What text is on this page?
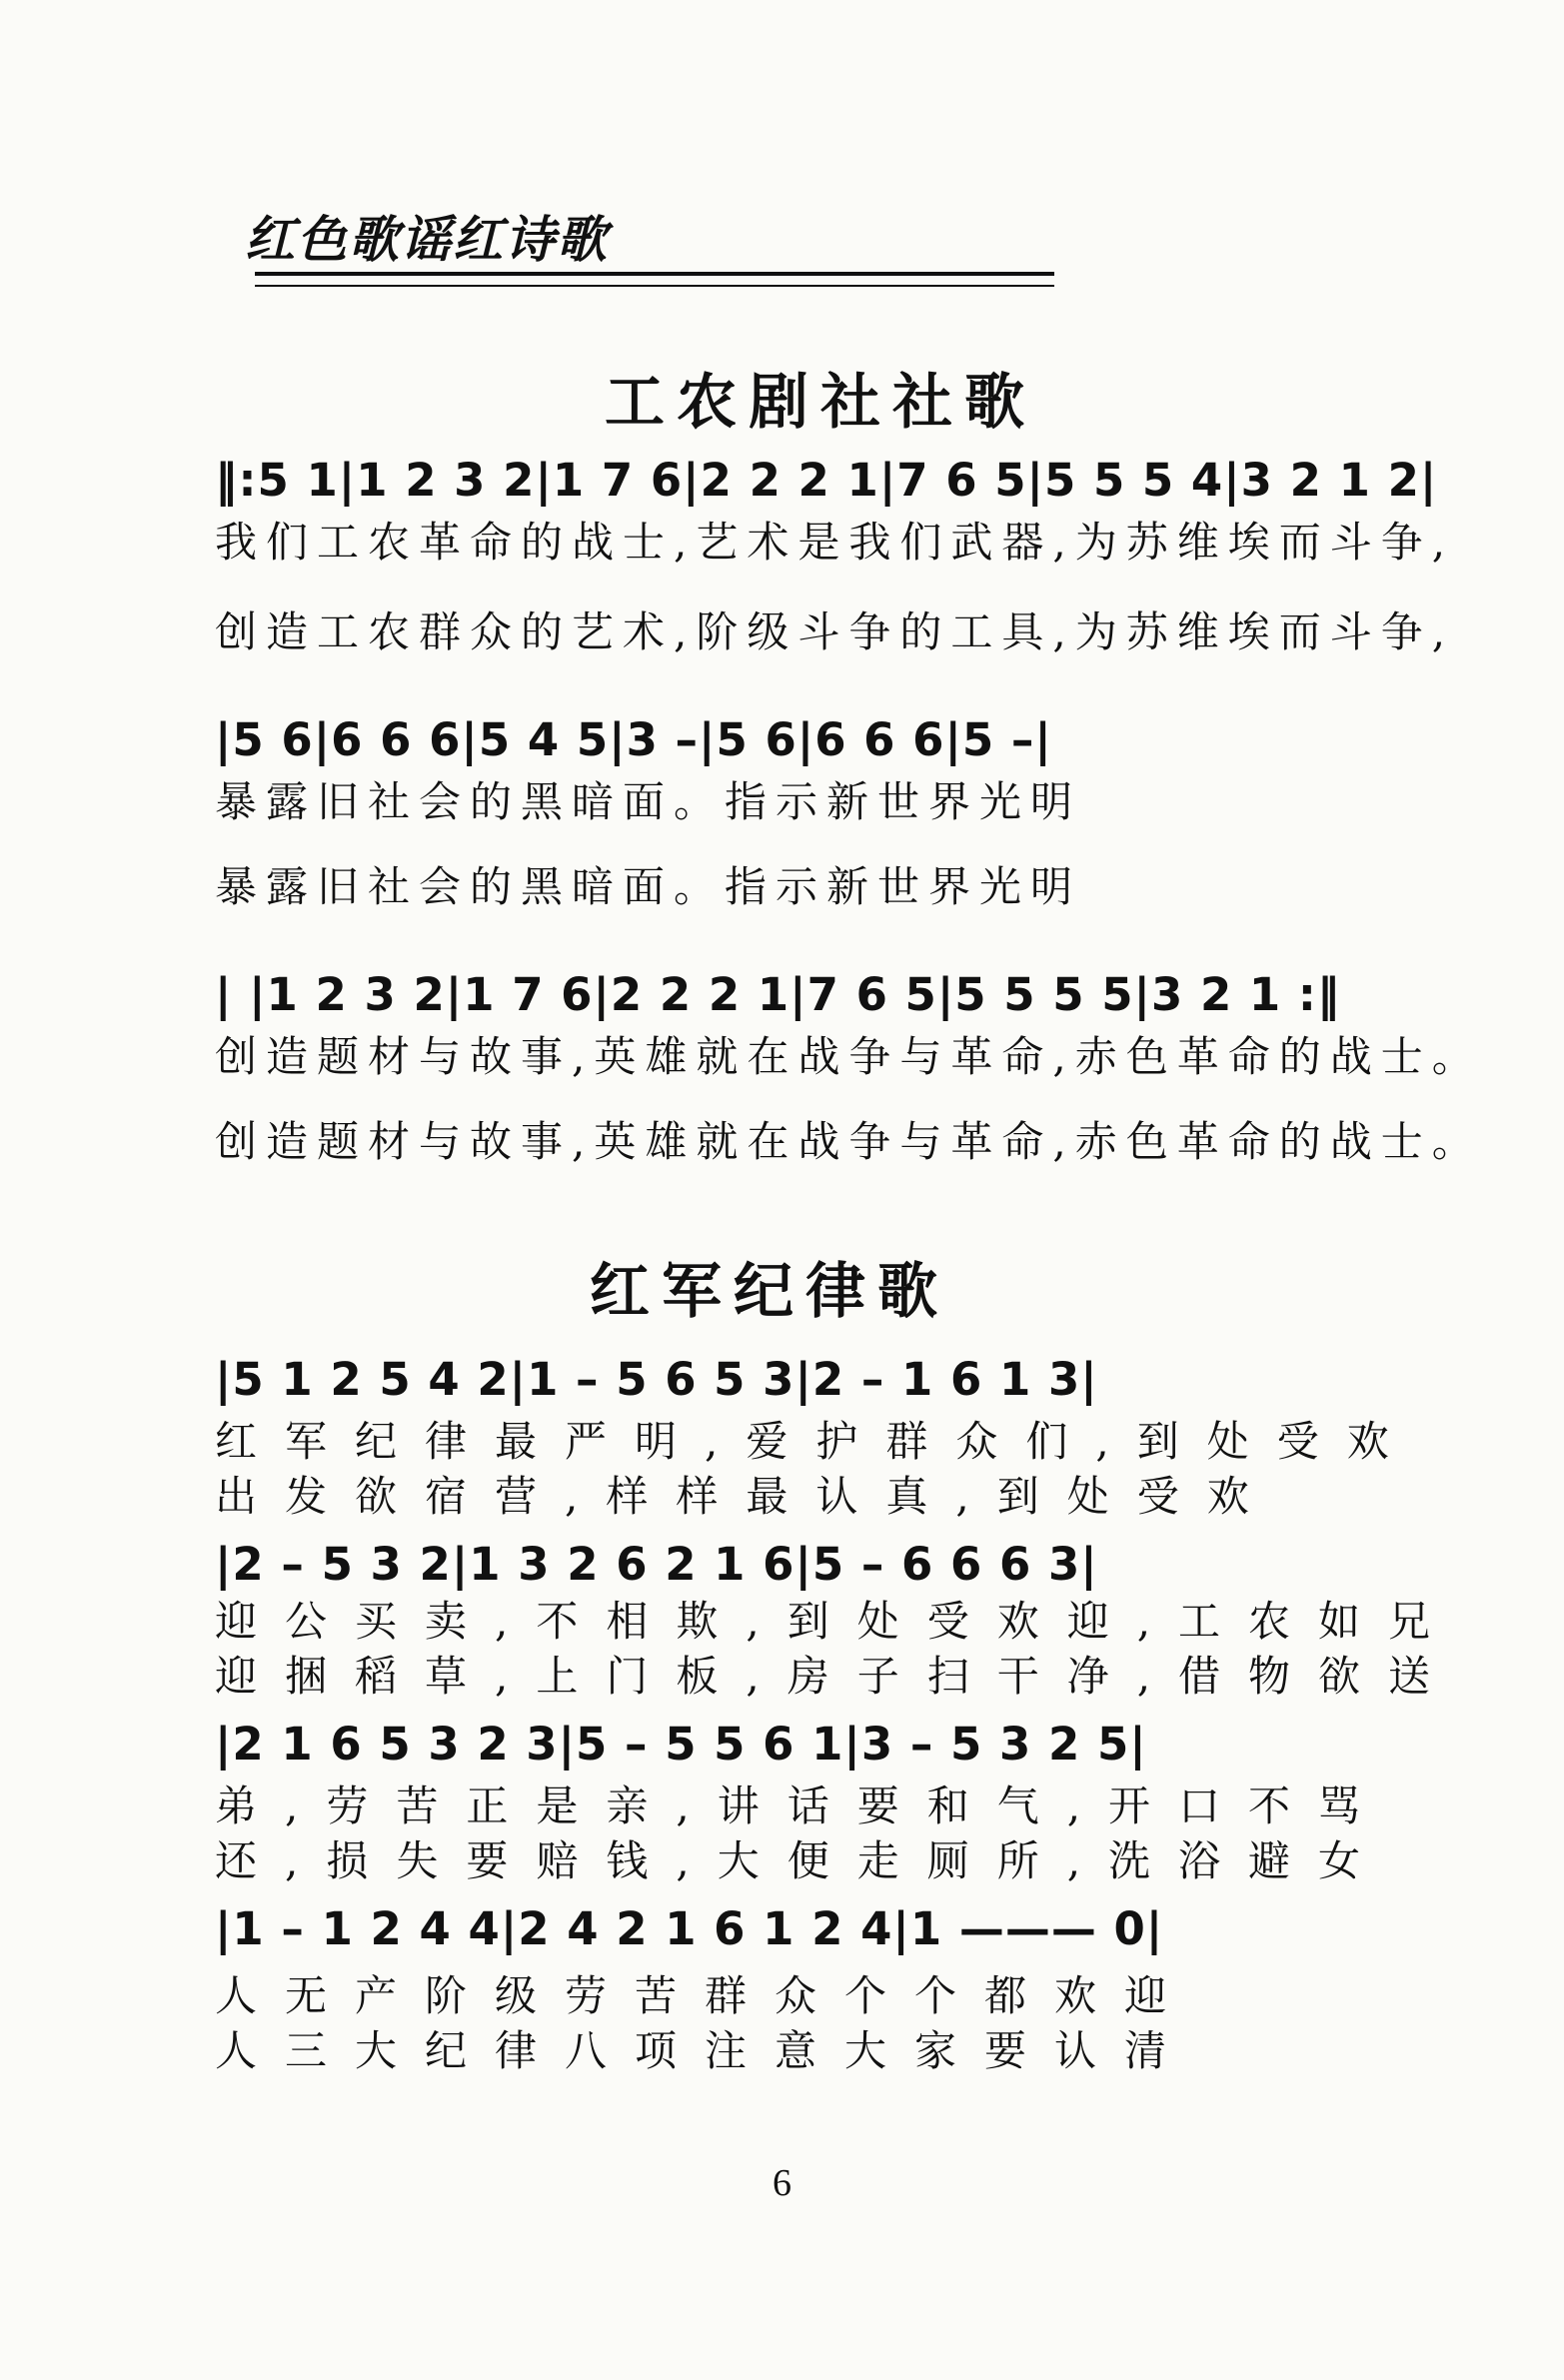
红色歌谣红诗歌
工农剧社社歌
‖:5 1|1 2 3 2|1 7 6|2 2 2 1|7 6 5|5 5 5 4|3 2 1 2|
我们工农革命的战士,艺术是我们武器,为苏维埃而斗争,
创造工农群众的艺术,阶级斗争的工具,为苏维埃而斗争,
|5 6|6 6 6|5 4 5|3 –|5 6|6 6 6|5 –|
暴露旧社会的黑暗面。指示新世界光明
暴露旧社会的黑暗面。指示新世界光明
| |1 2 3 2|1 7 6|2 2 2 1|7 6 5|5 5 5 5|3 2 1 :‖
创造题材与故事,英雄就在战争与革命,赤色革命的战士。
创造题材与故事,英雄就在战争与革命,赤色革命的战士。
红军纪律歌
|5 1 2 5 4 2|1 – 5 6 5 3|2 – 1 6 1 3|
红军纪律最严明,爱护群众们,到处受欢
出发欲宿营,样样最认真,到处受欢
|2 – 5 3 2|1 3 2 6 2 1 6|5 – 6 6 6 3|
迎公买卖,不相欺,到处受欢迎,工农如兄
迎捆稻草,上门板,房子扫干净,借物欲送
|2 1 6 5 3 2 3|5 – 5 5 6 1|3 – 5 3 2 5|
弟,劳苦正是亲,讲话要和气,开口不骂
还,损失要赔钱,大便走厕所,洗浴避女
|1 – 1 2 4 4|2 4 2 1 6 1 2 4|1 ——— 0|
人无产阶级劳苦群众个个都欢迎
人三大纪律八项注意大家要认清
6
